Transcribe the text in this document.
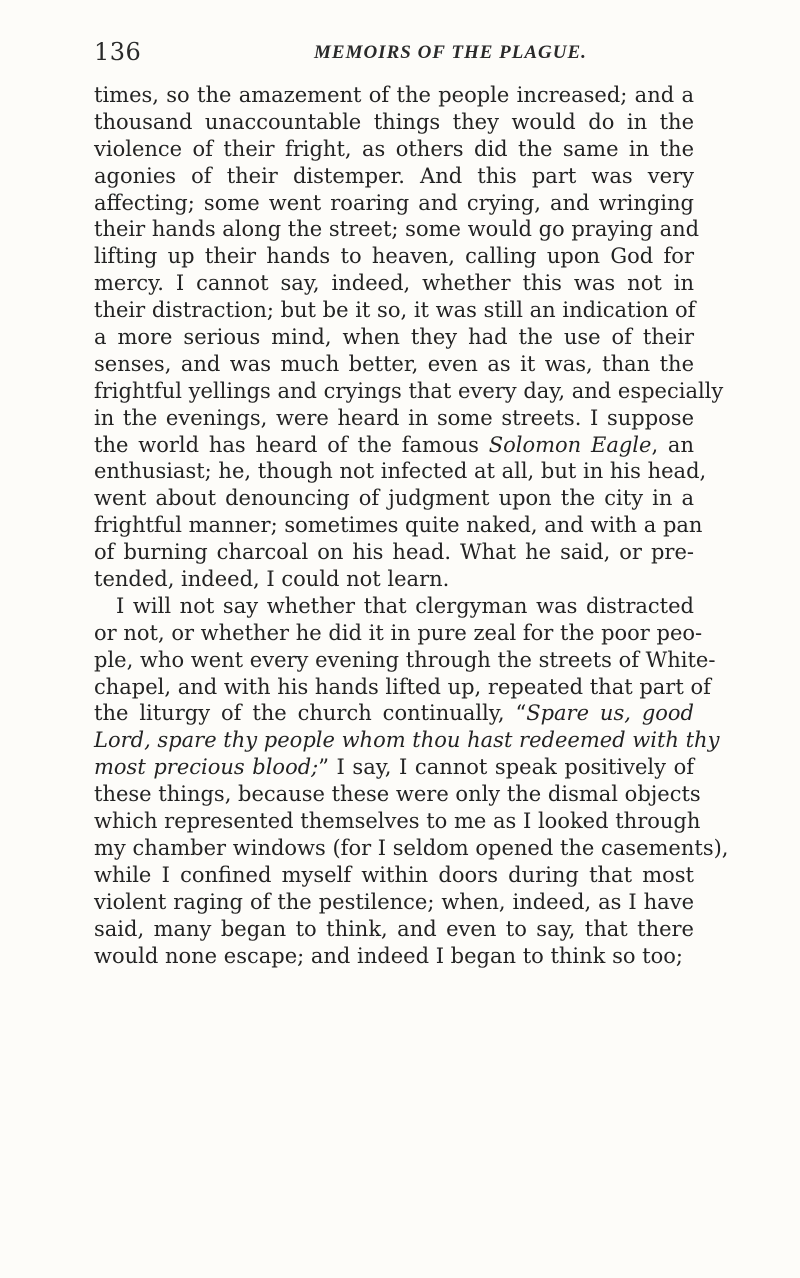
136	MEMOIRS OF THE PLAGUE.
times, so the amazement of the people increased; and a
thousand unaccountable things they would do in the
violence of their fright, as others did the same in the
agonies of their distemper. And this part was very
affecting; some went roaring and crying, and wringing
their hands along the street; some would go praying and
lifting up their hands to heaven, calling upon God for
mercy. I cannot say, indeed, whether this was not in
their distraction; but be it so, it was still an indication of
a more serious mind, when they had the use of their
senses, and was much better, even as it was, than the
frightful yellings and cryings that every day, and especially
in the evenings, were heard in some streets. I suppose
the world has heard of the famous Solomon Eagle, an
enthusiast; he, though not infected at all, but in his head,
went about denouncing of judgment upon the city in a
frightful manner; sometimes quite naked, and with a pan
of burning charcoal on his head. What he said, or pre-
tended, indeed, I could not learn.
I will not say whether that clergyman was distracted
or not, or whether he did it in pure zeal for the poor peo-
ple, who went every evening through the streets of White-
chapel, and with his hands lifted up, repeated that part of
the liturgy of the church continually, “Spare us, good
Lord, spare thy people whom thou hast redeemed with thy
most precious blood;” I say, I cannot speak positively of
these things, because these were only the dismal objects
which represented themselves to me as I looked through
my chamber windows (for I seldom opened the casements),
while I confined myself within doors during that most
violent raging of the pestilence; when, indeed, as I have
said, many began to think, and even to say, that there
would none escape; and indeed I began to think so too;
